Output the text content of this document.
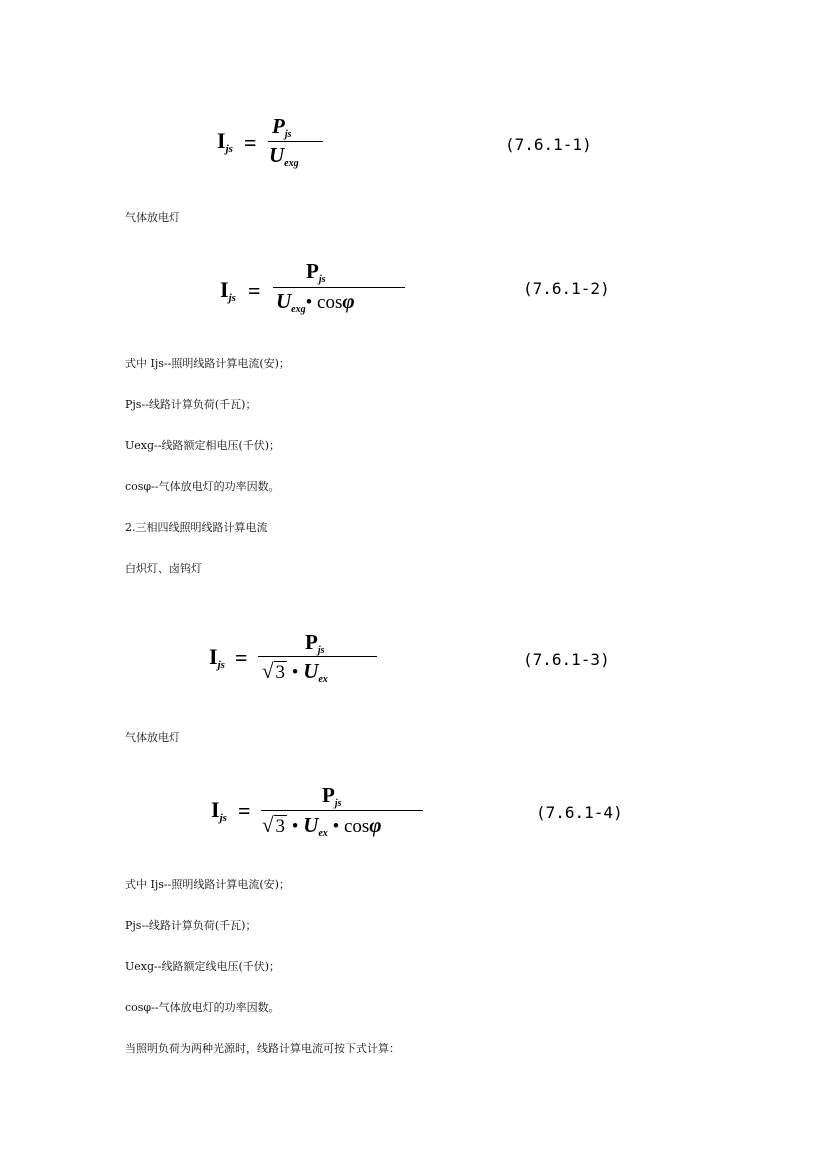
$I_{js}$ =
$P_{js}$
$U_{exg}$
(7.6.1-1)
气体放电灯
$I_{js}$ =
$P_{js}$
$U_{exg}•$ cosφ
(7.6.1-2)
式中 Ijs--照明线路计算电流(安)；
Pjs--线路计算负荷(千瓦)；
Uexg--线路额定相电压(千伏)；
cosφ--气体放电灯的功率因数。
2.三相四线照明线路计算电流
白炽灯、卤钨灯
$I_{js}$ =
$P_{js}$
√ 3 • $U_{ex}$
(7.6.1-3)
气体放电灯
$I_{js}$ =
$P_{js}$
√ 3 • $U_{ex}$ • cosφ
(7.6.1-4)
式中 Ijs--照明线路计算电流(安)；
Pjs--线路计算负荷(千瓦)；
Uexg--线路额定线电压(千伏)；
cosφ--气体放电灯的功率因数。
当照明负荷为两种光源时，线路计算电流可按下式计算：
